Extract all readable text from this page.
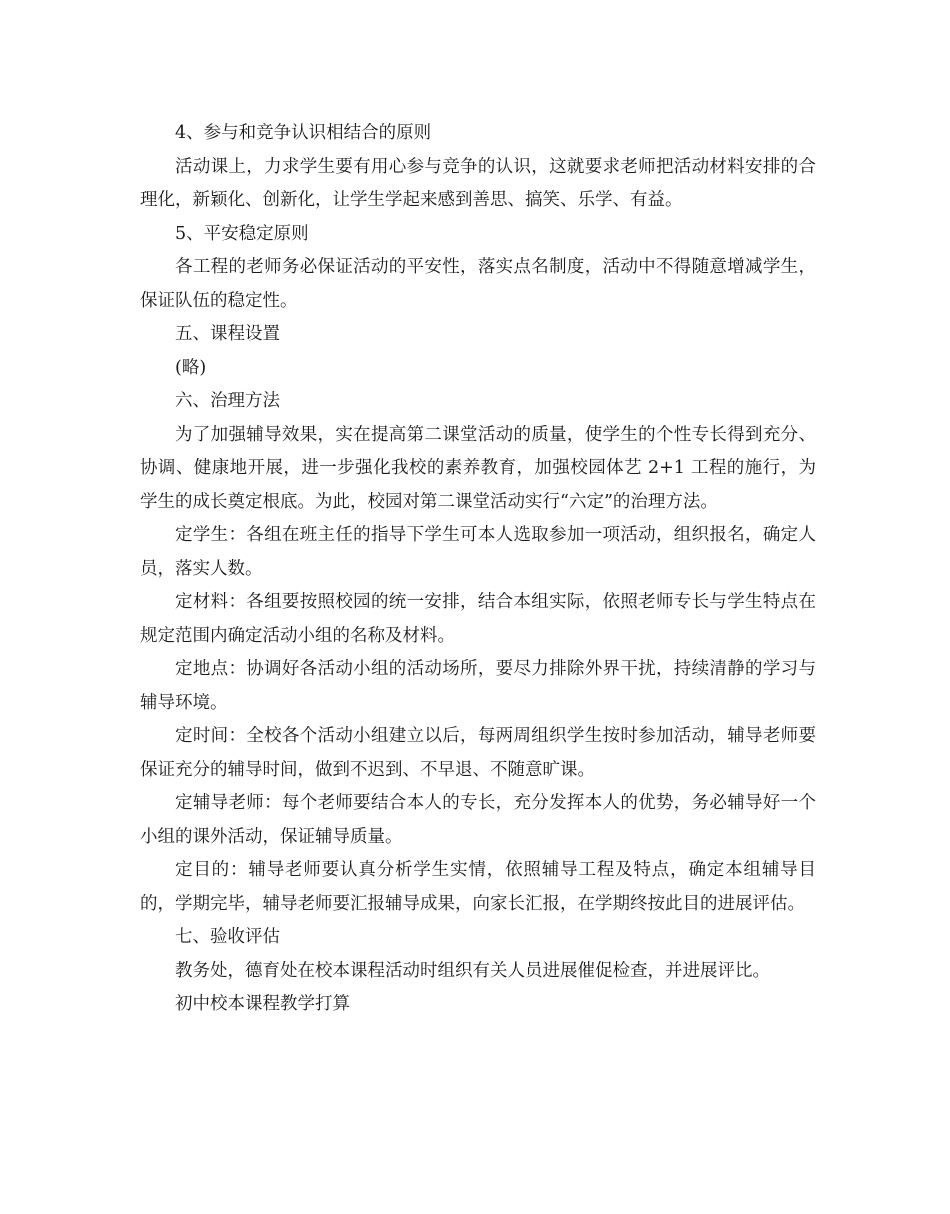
4、参与和竞争认识相结合的原则

活动课上，力求学生要有用心参与竞争的认识，这就要求老师把活动材料安排的合理化，新颖化、创新化，让学生学起来感到善思、搞笑、乐学、有益。

5、平安稳定原则

各工程的老师务必保证活动的平安性，落实点名制度，活动中不得随意增减学生，保证队伍的稳定性。

五、课程设置

(略)

六、治理方法

为了加强辅导效果，实在提高第二课堂活动的质量，使学生的个性专长得到充分、协调、健康地开展，进一步强化我校的素养教育，加强校园体艺 2+1 工程的施行，为学生的成长奠定根底。为此，校园对第二课堂活动实行“六定”的治理方法。

定学生：各组在班主任的指导下学生可本人选取参加一项活动，组织报名，确定人员，落实人数。

定材料：各组要按照校园的统一安排，结合本组实际，依照老师专长与学生特点在规定范围内确定活动小组的名称及材料。

定地点：协调好各活动小组的活动场所，要尽力排除外界干扰，持续清静的学习与辅导环境。

定时间：全校各个活动小组建立以后，每两周组织学生按时参加活动，辅导老师要保证充分的辅导时间，做到不迟到、不早退、不随意旷课。

定辅导老师：每个老师要结合本人的专长，充分发挥本人的优势，务必辅导好一个小组的课外活动，保证辅导质量。

定目的：辅导老师要认真分析学生实情，依照辅导工程及特点，确定本组辅导目的，学期完毕，辅导老师要汇报辅导成果，向家长汇报，在学期终按此目的进展评估。

七、验收评估

教务处，德育处在校本课程活动时组织有关人员进展催促检查，并进展评比。

初中校本课程教学打算
